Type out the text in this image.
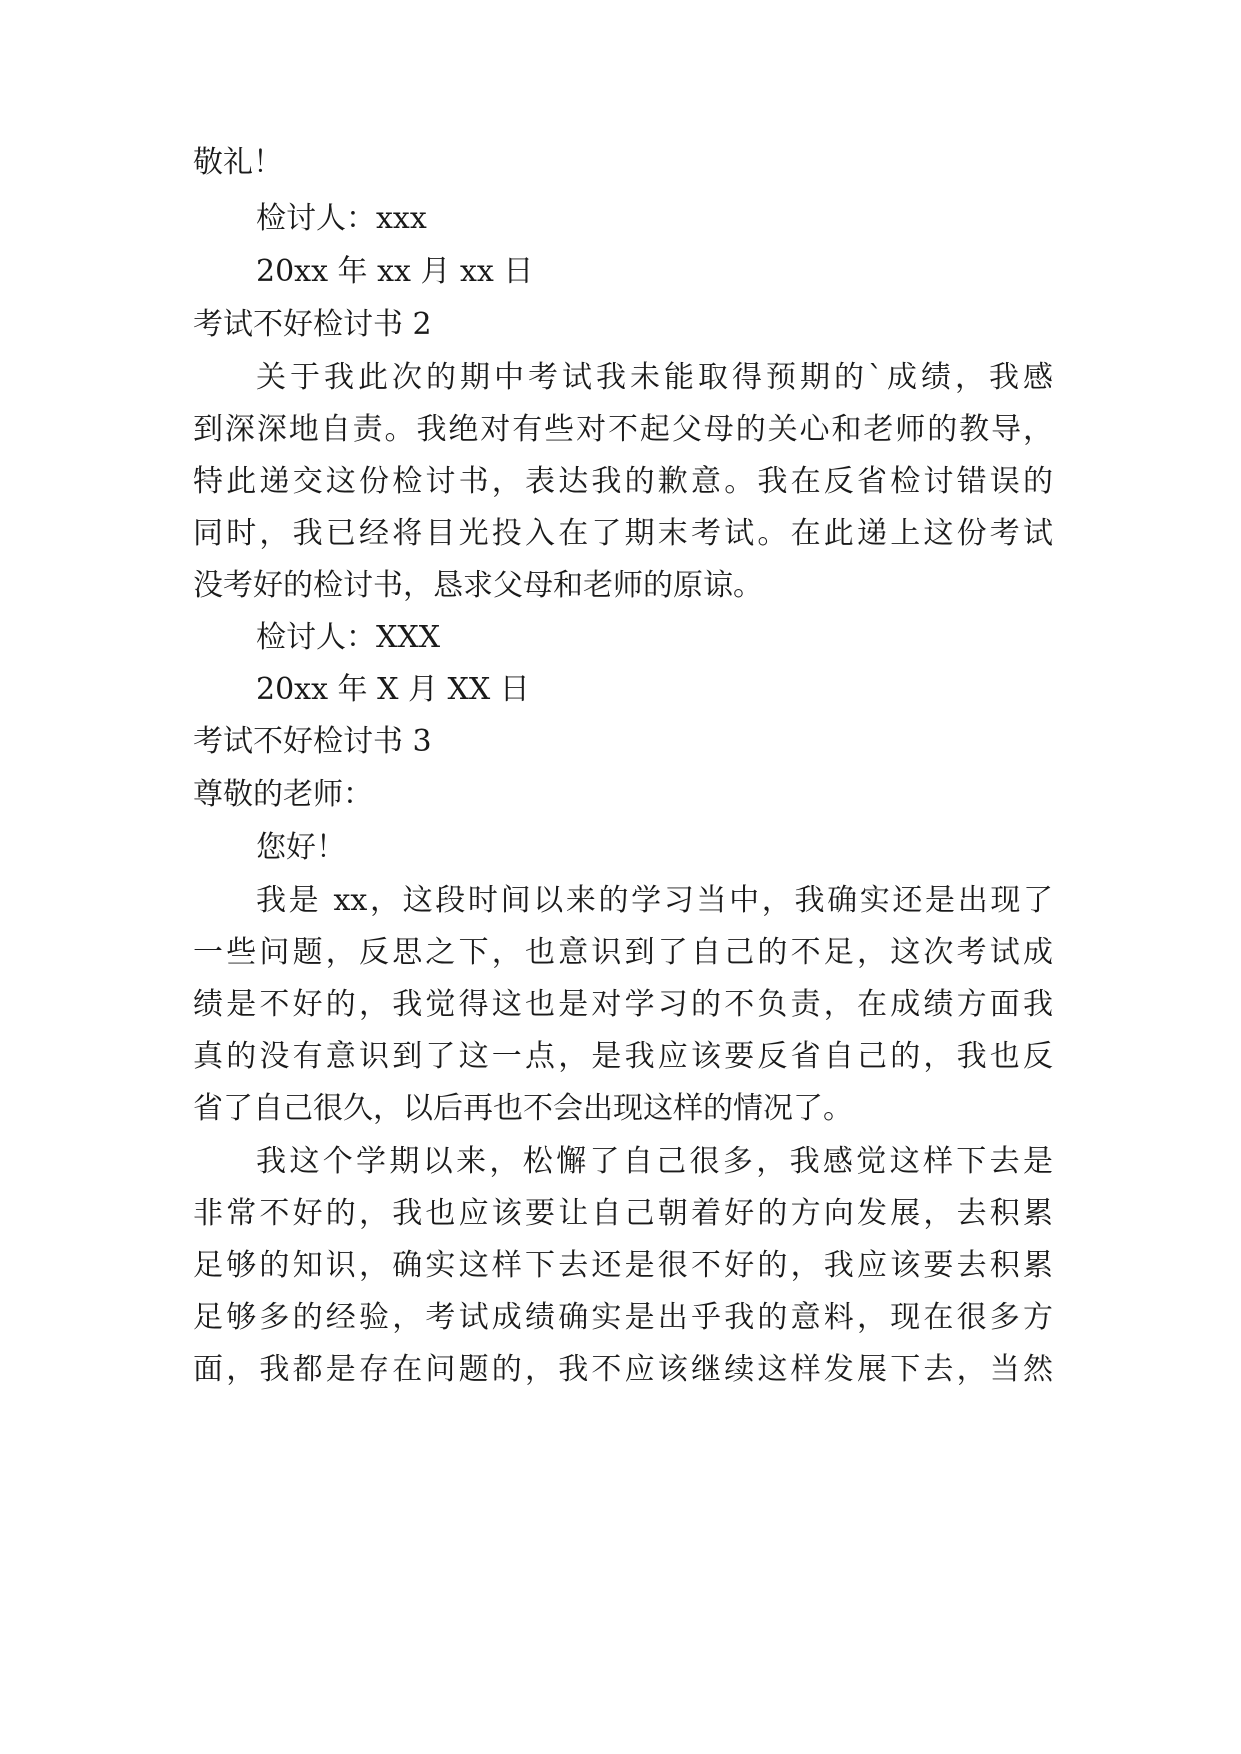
敬礼！
检讨人：xxx
20xx 年 xx 月 xx 日
考试不好检讨书 2
关于我此次的期中考试我未能取得预期的`成绩，我感
到深深地自责。我绝对有些对不起父母的关心和老师的教导，
特此递交这份检讨书，表达我的歉意。我在反省检讨错误的
同时，我已经将目光投入在了期末考试。在此递上这份考试
没考好的检讨书，恳求父母和老师的原谅。
检讨人：XXX
20xx 年 X 月 XX 日
考试不好检讨书 3
尊敬的老师：
您好！
我是 xx，这段时间以来的学习当中，我确实还是出现了
一些问题，反思之下，也意识到了自己的不足，这次考试成
绩是不好的，我觉得这也是对学习的不负责，在成绩方面我
真的没有意识到了这一点，是我应该要反省自己的，我也反
省了自己很久，以后再也不会出现这样的情况了。
我这个学期以来，松懈了自己很多，我感觉这样下去是
非常不好的，我也应该要让自己朝着好的方向发展，去积累
足够的知识，确实这样下去还是很不好的，我应该要去积累
足够多的经验，考试成绩确实是出乎我的意料，现在很多方
面，我都是存在问题的，我不应该继续这样发展下去，当然
